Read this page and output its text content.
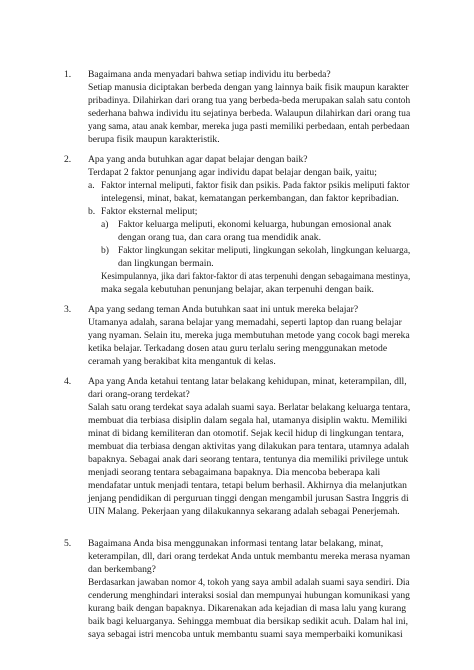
1.	Bagaimana anda menyadari bahwa setiap individu itu berbeda?
Setiap manusia diciptakan berbeda dengan yang lainnya baik fisik maupun karakter
pribadinya. Dilahirkan dari orang tua yang berbeda-beda merupakan salah satu contoh
sederhana bahwa individu itu sejatinya berbeda. Walaupun dilahirkan dari orang tua
yang sama, atau anak kembar, mereka juga pasti memiliki perbedaan, entah perbedaan
berupa fisik maupun karakteristik.
2.	Apa yang anda butuhkan agar dapat belajar dengan baik?
Terdapat 2 faktor penunjang agar individu dapat belajar dengan baik, yaitu;
a. Faktor internal meliputi, faktor fisik dan psikis. Pada faktor psikis meliputi faktor
intelegensi, minat, bakat, kematangan perkembangan, dan faktor kepribadian.
b. Faktor eksternal meliput;
a) Faktor keluarga meliputi, ekonomi keluarga, hubungan emosional anak
dengan orang tua, dan cara orang tua mendidik anak.
b) Faktor lingkungan sekitar meliputi, lingkungan sekolah, lingkungan keluarga,
dan lingkungan bermain.
Kesimpulannya, jika dari faktor-faktor di atas terpenuhi dengan sebagaimana mestinya,
maka segala kebutuhan penunjang belajar, akan terpenuhi dengan baik.
3.	Apa yang sedang teman Anda butuhkan saat ini untuk mereka belajar?
Utamanya adalah, sarana belajar yang memadahi, seperti laptop dan ruang belajar
yang nyaman. Selain itu, mereka juga membutuhan metode yang cocok bagi mereka
ketika belajar. Terkadang dosen atau guru terlalu sering menggunakan metode
ceramah yang berakibat kita mengantuk di kelas.
4.	Apa yang Anda ketahui tentang latar belakang kehidupan, minat, keterampilan, dll,
dari orang-orang terdekat?
Salah satu orang terdekat saya adalah suami saya. Berlatar belakang keluarga tentara,
membuat dia terbiasa disiplin dalam segala hal, utamanya disiplin waktu. Memiliki
minat di bidang kemiliteran dan otomotif. Sejak kecil hidup di lingkungan tentara,
membuat dia terbiasa dengan aktivitas yang dilakukan para tentara, utamnya adalah
bapaknya. Sebagai anak dari seorang tentara, tentunya dia memiliki privilege untuk
menjadi seorang tentara sebagaimana bapaknya. Dia mencoba beberapa kali
mendafatar untuk menjadi tentara, tetapi belum berhasil. Akhirnya dia melanjutkan
jenjang pendidikan di perguruan tinggi dengan mengambil jurusan Sastra Inggris di
UIN Malang. Pekerjaan yang dilakukannya sekarang adalah sebagai Penerjemah.
5.	Bagaimana Anda bisa menggunakan informasi tentang latar belakang, minat,
keterampilan, dll, dari orang terdekat Anda untuk membantu mereka merasa nyaman
dan berkembang?
Berdasarkan jawaban nomor 4, tokoh yang saya ambil adalah suami saya sendiri. Dia
cenderung menghindari interaksi sosial dan mempunyai hubungan komunikasi yang
kurang baik dengan bapaknya. Dikarenakan ada kejadian di masa lalu yang kurang
baik bagi keluarganya. Sehingga membuat dia bersikap sedikit acuh. Dalam hal ini,
saya sebagai istri mencoba untuk membantu suami saya memperbaiki komunikasi
